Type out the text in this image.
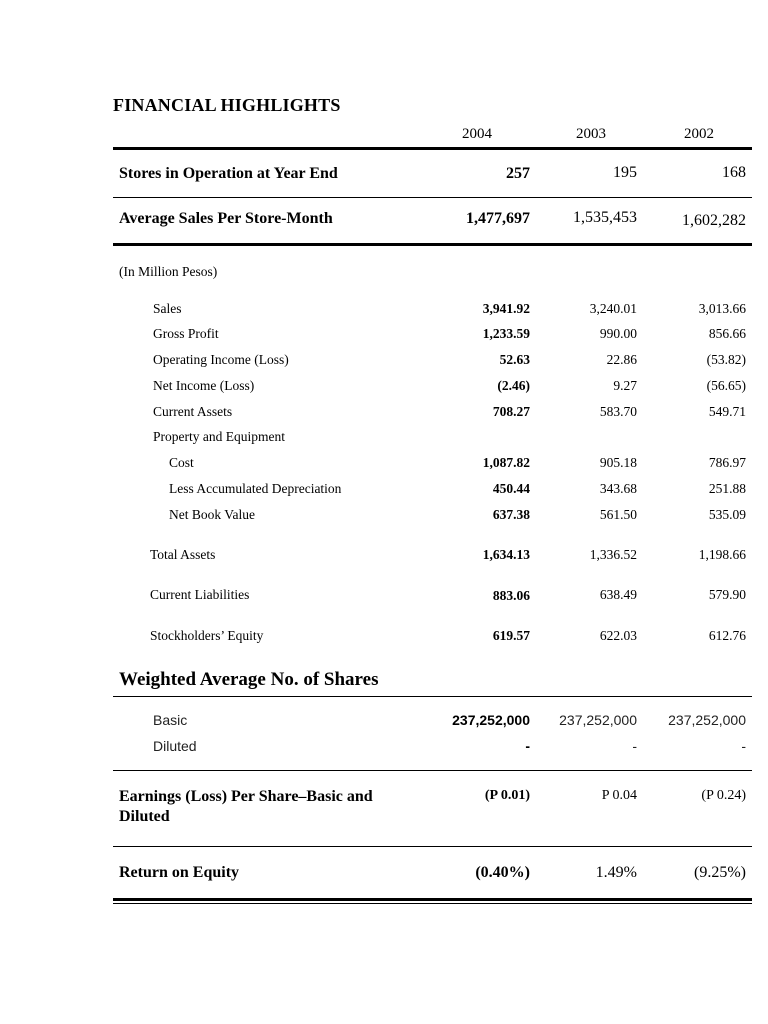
FINANCIAL HIGHLIGHTS
2004	2003	2002
Stores in Operation at Year End	257	195	168
Average Sales Per Store-Month	1,477,697	1,535,453	1,602,282
(In Million Pesos)
Sales	3,941.92	3,240.01	3,013.66
Gross Profit	1,233.59	990.00	856.66
Operating Income (Loss)	52.63	22.86	(53.82)
Net Income (Loss)	(2.46)	9.27	(56.65)
Current Assets	708.27	583.70	549.71
Property and Equipment
Cost	1,087.82	905.18	786.97
Less Accumulated Depreciation	450.44	343.68	251.88
Net Book Value	637.38	561.50	535.09
Total Assets	1,634.13	1,336.52	1,198.66
Current Liabilities	883.06	638.49	579.90
Stockholders’ Equity	619.57	622.03	612.76
Weighted Average No. of Shares
Basic	237,252,000 237,252,000 237,252,000
Diluted	-	-	-
Earnings (Loss) Per Share–Basic and
Diluted
(P 0.01)	P 0.04	(P 0.24)
Return on Equity	(0.40%)	1.49%	(9.25%)
